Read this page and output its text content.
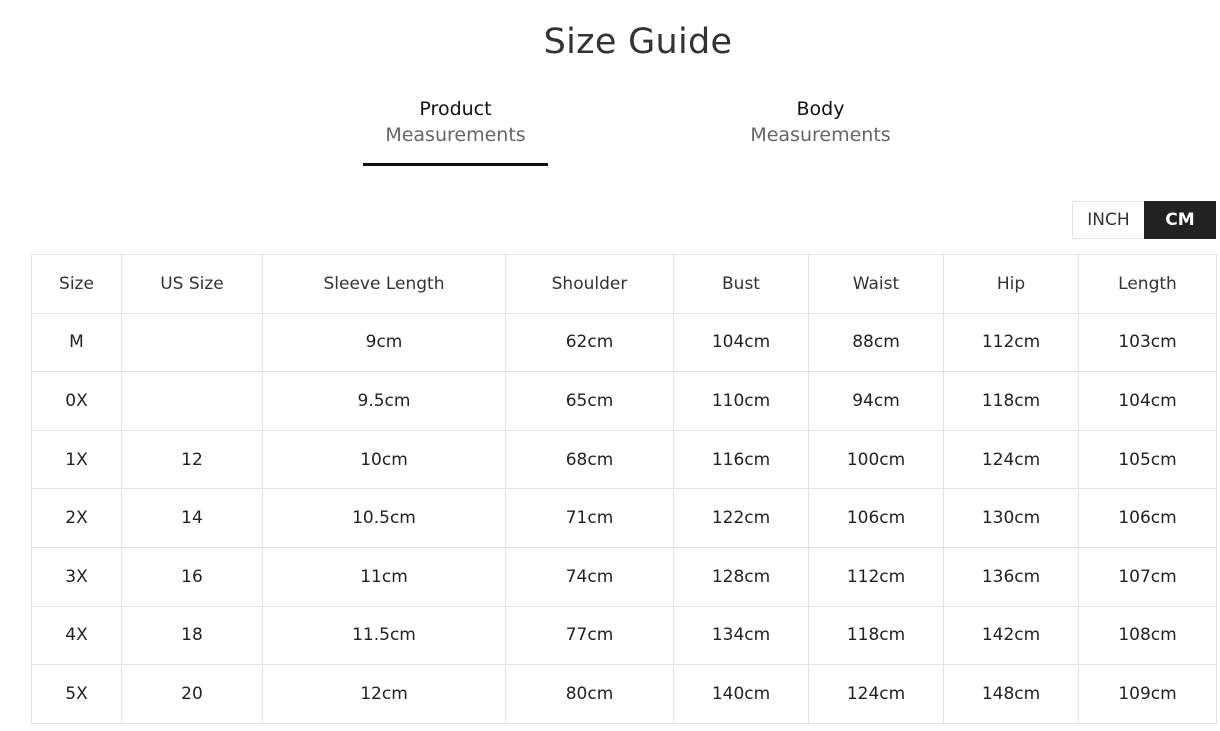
Size Guide
Product
Measurements
Body
Measurements
INCH	CM
Size	US Size	Sleeve Length	Shoulder	Bust	Waist	Hip	Length
M		9cm	62cm	104cm	88cm	112cm	103cm
0X		9.5cm	65cm	110cm	94cm	118cm	104cm
1X	12	10cm	68cm	116cm	100cm	124cm	105cm
2X	14	10.5cm	71cm	122cm	106cm	130cm	106cm
3X	16	11cm	74cm	128cm	112cm	136cm	107cm
4X	18	11.5cm	77cm	134cm	118cm	142cm	108cm
5X	20	12cm	80cm	140cm	124cm	148cm	109cm
